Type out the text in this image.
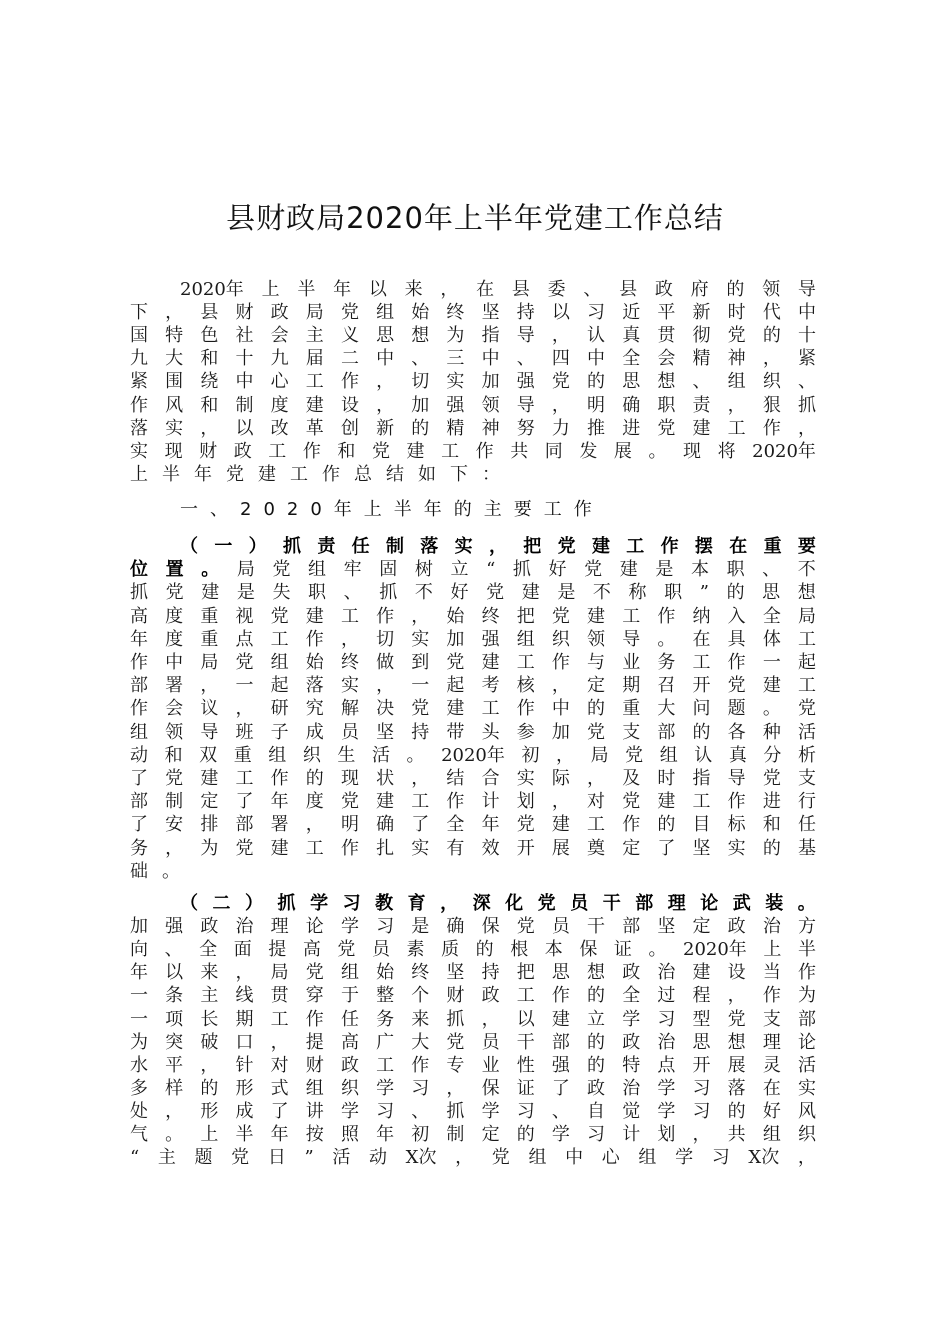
县财政局2020年上半年党建工作总结
2020年 上 半 年 以 来 ， 在 县 委 、 县 政 府 的 领 导
下 ， 县 财 政 局 党 组 始 终 坚 持 以 习 近 平 新 时 代 中
国 特 色 社 会 主 义 思 想 为 指 导 ， 认 真 贯 彻 党 的 十
九 大 和 十 九 届 二 中 、 三 中 、 四 中 全 会 精 神 ， 紧
紧 围 绕 中 心 工 作 ， 切 实 加 强 党 的 思 想 、 组 织 、
作 风 和 制 度 建 设 ， 加 强 领 导 ， 明 确 职 责 ， 狠 抓
落 实 ， 以 改 革 创 新 的 精 神 努 力 推 进 党 建 工 作 ，
实 现 财 政 工 作 和 党 建 工 作 共 同 发 展 。 现 将 2020年
上 半 年 党 建 工 作 总 结 如 下 ：
（ 一 ） 抓 责 任 制 落 实 ， 把 党 建 工 作 摆 在 重 要
位 置 。 局 党 组 牢 固 树 立 “ 抓 好 党 建 是 本 职 、 不
抓 党 建 是 失 职 、 抓 不 好 党 建 是 不 称 职 ” 的 思 想
高 度 重 视 党 建 工 作 ， 始 终 把 党 建 工 作 纳 入 全 局
年 度 重 点 工 作 ， 切 实 加 强 组 织 领 导 。 在 具 体 工
作 中 局 党 组 始 终 做 到 党 建 工 作 与 业 务 工 作 一 起
部 署 ， 一 起 落 实 ， 一 起 考 核 ， 定 期 召 开 党 建 工
作 会 议 ， 研 究 解 决 党 建 工 作 中 的 重 大 问 题 。 党
组 领 导 班 子 成 员 坚 持 带 头 参 加 党 支 部 的 各 种 活
动 和 双 重 组 织 生 活 。 2020年 初 ， 局 党 组 认 真 分 析
了 党 建 工 作 的 现 状 ， 结 合 实 际 ， 及 时 指 导 党 支
部 制 定 了 年 度 党 建 工 作 计 划 ， 对 党 建 工 作 进 行
了 安 排 部 署 ， 明 确 了 全 年 党 建 工 作 的 目 标 和 任
务 ， 为 党 建 工 作 扎 实 有 效 开 展 奠 定 了 坚 实 的 基
础 。
（ 二 ） 抓 学 习 教 育 ， 深 化 党 员 干 部 理 论 武 装 。
加 强 政 治 理 论 学 习 是 确 保 党 员 干 部 坚 定 政 治 方
向 、 全 面 提 高 党 员 素 质 的 根 本 保 证 。 2020年 上 半
年 以 来 ， 局 党 组 始 终 坚 持 把 思 想 政 治 建 设 当 作
一 条 主 线 贯 穿 于 整 个 财 政 工 作 的 全 过 程 ， 作 为
一 项 长 期 工 作 任 务 来 抓 ， 以 建 立 学 习 型 党 支 部
为 突 破 口 ， 提 高 广 大 党 员 干 部 的 政 治 思 想 理 论
水 平 ， 针 对 财 政 工 作 专 业 性 强 的 特 点 开 展 灵 活
多 样 的 形 式 组 织 学 习 ， 保 证 了 政 治 学 习 落 在 实
处 ， 形 成 了 讲 学 习 、 抓 学 习 、 自 觉 学 习 的 好 风
气 。 上 半 年 按 照 年 初 制 定 的 学 习 计 划 ， 共 组 织
“ 主 题 党 日 ” 活 动 X次 ， 党 组 中 心 组 学 习 X次 ，
一、2020年上半年的主要工作
